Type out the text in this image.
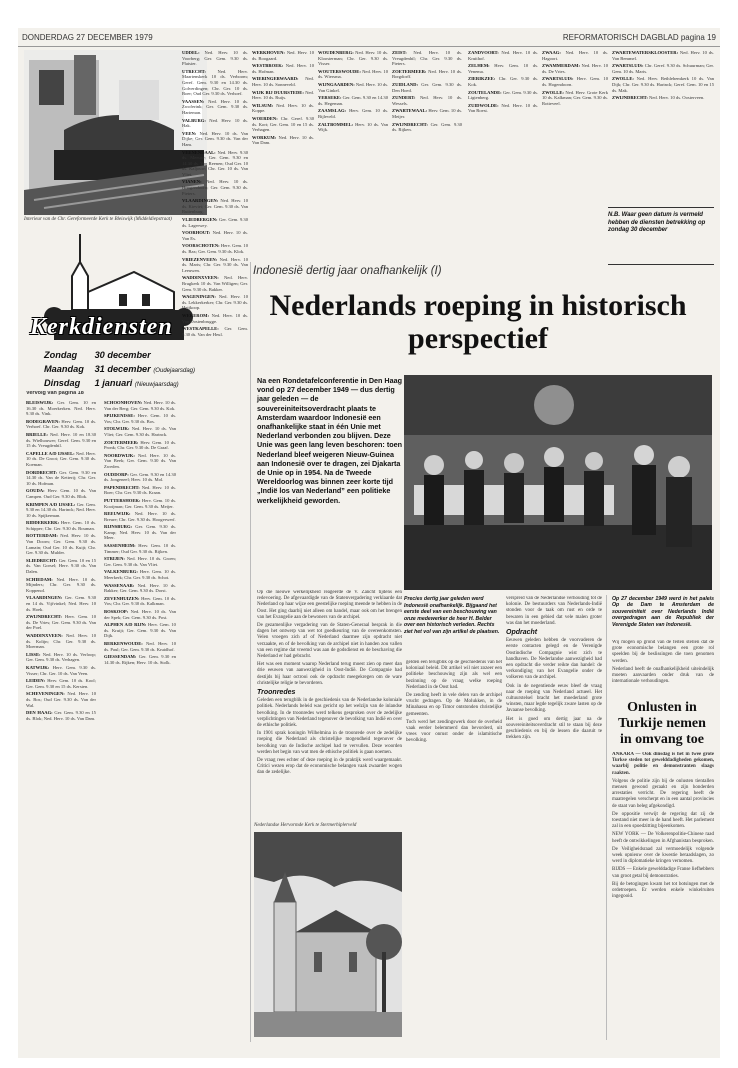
DONDERDAG 27 DECEMBER 1979	REFORMATORISCH DAGBLAD pagina 19
Interieur van de Chr. Gereformeerde Kerk te Bleiswijk (Middeldiepstraat)
Kerkdiensten
Zondag 30 december
Maandag 31 december (Oudejaarsdag)
Dinsdag 1 januari (Nieuwjaarsdag)
Vervolg van pagina 18

BLEISWIJK: Ger. Gem. 10 en 16.30 ds. Moerkerken. Ned. Herv. 9.30 ds. Vink.

BODEGRAVEN: Herv. Gem. 10 ds. Verhoef. Chr. Ger. 9.30 ds. Kok.

BRIELLE: Ned. Herv. 10 en 18.30 ds. Wielhouwer; Geref. Gem. 9.30 en 15 ds. Vreugdenhil.

CAPELLE A/D IJSSEL: Ned. Herv. 10 ds. De Groot; Ger. Gem. 9.30 ds. Koeman.

DORDRECHT: Ger. Gem. 9.30 en 14.30 ds. Van de Ketterij; Chr. Ger. 10 ds. Hofman.

GOUDA: Herv. Gem. 10 ds. Van Campen. Oud Ger. 9.30 ds. Blok.

KRIMPEN A/D IJSSEL: Ger. Gem. 9.30 en 14.30 ds. Harinck; Ned. Herv. 10 ds. Spijkerman.

RIDDERKERK: Herv. Gem. 10 ds. Schipper; Chr. Ger. 9.30 ds. Bouman.

ROTTERDAM: Ned. Herv. 10 ds. Van Doorn; Ger. Gem. 9.30 ds. Lamain; Oud Ger. 10 ds. Kuijt; Chr. Ger. 9.30 ds. Mulder.

SLIEDRECHT: Ger. Gem. 10 en 15 ds. Van Gorsel; Herv. 9.30 ds. Van Dalen.

SCHIEDAM: Ned. Herv. 10 ds. Mijnders; Chr. Ger. 9.30 ds. Koppenol.

VLAARDINGEN: Ger. Gem. 9.30 en 14 ds. Vijfvinkel; Ned. Herv. 10 ds. Hoek.

ZWIJNDRECHT: Herv. Gem. 10 ds. De Vries; Ger. Gem. 9.30 ds. Van der Poel.

WADDINXVEEN: Ned. Herv. 10 ds. Kolijn; Chr. Ger. 9.30 ds. Moerman.

LISSE: Ned. Herv. 10 ds. Verloop; Ger. Gem. 9.30 ds. Verhagen.

KATWIJK: Herv. Gem. 9.30 ds. Visser; Chr. Ger. 10 ds. Van Veen.

LEIDEN: Herv. Gem. 10 ds. Kool; Ger. Gem. 9.30 en 15 ds. Kersten.

SCHEVENINGEN: Ned. Herv. 10 ds. Bos; Oud Ger. 9.30 ds. Van der Wal.

DEN HAAG: Ger. Gem. 9.30 en 15 ds. Blok; Ned. Herv. 10 ds. Van Dam.

SCHOONHOVEN: Ned. Herv. 10 ds. Van der Berg; Ger. Gem. 9.30 ds. Kok.

SPIJKENISSE: Herv. Gem. 10 ds. Vos; Chr. Ger. 9.30 ds. Bos.

STOLWIJK: Ned. Herv. 10 ds. Van Vliet; Ger. Gem. 9.30 ds. Harinck.

ZOETERMEER: Herv. Gem. 10 ds. Pronk; Chr. Ger. 9.30 ds. De Graaf.

NOORDWIJK: Ned. Herv. 10 ds. Van Beek; Ger. Gem. 9.30 ds. Van Zweden.

OUDDORP: Ger. Gem. 9.30 en 14.30 ds. Jongeneel; Herv. 10 ds. Mol.

PAPENDRECHT: Ned. Herv. 10 ds. Boer; Chr. Ger. 9.30 ds. Kraan.

PUTTERSHOEK: Herv. Gem. 10 ds. Kooijman; Ger. Gem. 9.30 ds. Meijer.

REEUWIJK: Ned. Herv. 10 ds. Breure; Chr. Ger. 9.30 ds. Hoogerwerf.

RIJNSBURG: Ger. Gem. 9.30 ds. Kamp; Ned. Herv. 10 ds. Van der Meer.

SASSENHEIM: Herv. Gem. 10 ds. Timmer; Oud Ger. 9.30 ds. Rijken.

STRIJEN: Ned. Herv. 10 ds. Groen; Ger. Gem. 9.30 ds. Van Vliet.

VALKENBURG: Herv. Gem. 10 ds. Meerkerk; Chr. Ger. 9.30 ds. Schot.

WASSENAAR: Ned. Herv. 10 ds. Bakker; Ger. Gem. 9.30 ds. Dorst.

ZEVENHUIZEN: Herv. Gem. 10 ds. Vos; Chr. Ger. 9.30 ds. Kalkman.

BOSKOOP: Ned. Herv. 10 ds. Van der Spek; Ger. Gem. 9.30 ds. Post.

ALPHEN A/D RIJN: Herv. Gem. 10 ds. Kruijt; Ger. Gem. 9.30 ds. Van Dijk.

BERKENWOUDE: Ned. Herv. 10 ds. Paul; Ger. Gem. 9.30 ds. Kruidhof.

GIESSENDAM: Ger. Gem. 9.30 en 14.30 ds. Rijken; Herv. 10 ds. Stolk.

UDDEL: Ned. Herv. 10 ds. Voorberg; Ger. Gem. 9.30 ds. Plaisier.

UTRECHT: Ned. Herv. Maartenskerk 10 ds. Verboom; Geref. Gem. 9.30 en 14.30 ds. Golverdingen; Chr. Ger. 10 ds. Boer; Oud Ger. 9.30 ds. Verhoef.

VAASSEN: Ned. Herv. 10 ds. Zwoferink; Ger. Gem. 9.30 ds. Harteman.

VALBURG: Ned. Herv. 10 ds. Hak.

VEEN: Ned. Herv. 10 ds. Van Dijke; Ger. Gem. 9.30 ds. Van der Ham.

VEENENDAAL: Ned. Herv. 9.30 ds. Meeuse; Ger. Gem. 9.30 en 14.30 ds. Van Reenen; Oud Ger. 10 ds. Kaljouw; Chr. Ger. 10 ds. Van Vliet.

VIANEN: Ned. Herv. 10 ds. Hoogendoorn; Ger. Gem. 9.30 ds. Pieters.

VLAARDINGEN: Ned. Herv. 10 ds. Kieviet; Ger. Gem. 9.30 ds. Van Ruitenburg.

VLIEDBERGEN: Ger. Gem. 9.30 ds. Lagerwey.

VOORHOUT: Ned. Herv. 10 ds. Van Es.

VOORSCHOTEN: Herv. Gem. 10 ds. Bax; Ger. Gem. 9.30 ds. Klok.

VRIEZENVEEN: Ned. Herv. 10 ds. Maris; Chr. Ger. 9.30 ds. Van Leeuwen.

WADDINXVEEN: Ned. Herv. Brugkerk 10 ds. Van Willigen; Ger. Gem. 9.30 ds. Bakker.

WAGENINGEN: Ned. Herv. 10 ds. Lekkerkerker; Chr. Ger. 9.30 ds. Heijkoop.

WEKEROM: Ned. Herv. 10 ds. Van Oostenbrugge.

WESTKAPELLE: Ger. Gem. 9.30 ds. Van der Heul.

WERKHOVEN: Ned. Herv. 10 ds. Boogaard.

WESTBROEK: Ned. Herv. 10 ds. Hofman.

WIERINGERWAARD: Ned. Herv. 10 ds. Sonneveld.

WIJK BIJ DUURSTEDE: Ned. Herv. 10 ds. Ruijs.

WILSUM: Ned. Herv. 10 ds. Koppe.

WOERDEN: Chr. Geref. 9.30 ds. Kort; Ger. Gem. 10 en 15 ds. Verhagen.

WORKUM: Ned. Herv. 10 ds. Van Dam.

WOUDENBERG: Ned. Herv. 10 ds. Kloosterman; Chr. Ger. 9.30 ds. Visser.

WOUTERSWOUDE: Ned. Herv. 10 ds. Wiersma.

WIJNGAARDEN: Ned. Herv. 10 ds. Van Ginkel.

YERSEKE: Ger. Gem. 9.30 en 14.30 ds. Hegeman.

ZAAMSLAG: Herv. Gem. 10 ds. Bijleveld.

ZALTBOMMEL: Herv. 10 ds. Van Wijk.

ZEIST: Ned. Herv. 10 ds. Vreugdenhil; Chr. Ger. 9.30 ds. Pieters.

ZOETERMEER: Ned. Herv. 10 ds. Borgdorff.

ZUIDLAND: Ger. Gem. 9.30 ds. Den Hoed.

ZUNDERT: Ned. Herv. 10 ds. Wessels.

ZWARTEWAAL: Herv. Gem. 10 ds. Meijer.

ZWIJNDRECHT: Ger. Gem. 9.30 ds. Rijken.

ZANDVOORT: Ned. Herv. 10 ds. Kruithof.

ZELHEM: Herv. Gem. 10 ds. Venema.

ZIERIKZEE: Chr. Ger. 9.30 ds. Kok.

ZOUTELANDE: Ger. Gem. 9.30 ds. Ligtenberg.

ZUIDWOLDE: Ned. Herv. 10 ds. Van Roest.

ZWAAG: Ned. Herv. 10 ds. Hagoort.

ZWAMMERDAM: Ned. Herv. 10 ds. De Vries.

ZWARTSLUIS: Herv. Gem. 10 ds. Hogendoorn.

ZWOLLE: Ned. Herv. Grote Kerk 10 ds. Kalkman; Ger. Gem. 9.30 ds. Rotteveel.

ZWARTEWATERSKLOOSTER: Ned. Herv. 10 ds. Van Bemmel.

ZWARTSLUIS: Chr. Geref. 9.30 ds. Schuurman; Ger. Gem. 10 ds. Maris.

ZWOLLE: Ned. Herv. Bethlehemkerk 10 ds. Van Dijk; Chr. Ger. 9.30 ds. Harinck; Geref. Gem. 10 en 15 ds. Mak.

ZWIJNDRECHT: Ned. Herv. 10 ds. Oosterveen.

N.B. Waar geen datum is vermeld hebben de diensten betrekking op zondag 30 december
Indonesië dertig jaar onafhankelijk (I)
Nederlands roeping in historisch perspectief
Na een Rondetafelconferentie in Den Haag vond op 27 december 1949 — dus dertig jaar geleden — de souvereiniteitsoverdracht plaats te Amsterdam waardoor Indonesië een onafhankelijke staat in één Unie met Nederland verbonden zou blijven. Deze Unie was geen lang leven beschoren: toen Nederland bleef weigeren Nieuw-Guinea aan Indonesië over te dragen, zei Djakarta de Unie op in 1954. Na de Tweede Wereldoorlog was binnen zeer korte tijd „Indië los van Nederland” een politieke werkelijkheid geworden.
Precies dertig jaar geleden werd Indonesië onafhankelijk. Bijgaand het eerste deel van een beschouwing van onze medewerker de heer H. Belder over een historisch verleden. Rechts ziet het vol van zijn artikel de plaatsen.

Op die nieuwe werkelijkheid reageerde de V. Zancht tijdens een redevoering. De afgevaardigde van de Statenvergadering verklaarde dat Nederland op haar wijze een geestelijke roeping meende te hebben in de Oost. Het ging daarbij niet alleen om handel, maar ook om het brengen van het Evangelie aan de bewoners van de archipel.

De gezamenlijke vergadering van de Staten-Generaal besprak in die dagen het ontwerp van wet tot goedkeuring van de overeenkomsten. Velen vroegen zich af of Nederland daarmee zijn opdracht niet verzaakte, en of de bevolking van de archipel niet in handen zou vallen van een regime dat vreemd was aan de godsdienst en de beschaving die Nederland er had gebracht.

Het was een moment waarop Nederland terug moest zien op meer dan drie eeuwen van aanwezigheid in Oost-Indië. De Compagnie had destijds bij haar octrooi ook de opdracht meegekregen om de ware christelijke religie te bevorderen.

Troonredes

Geleden een terugblik in de geschiedenis van de Nederlandse koloniale politiek. Nederlands beleid was gericht op het welzijn van de inlandse bevolking. In de troonredes werd telkens gesproken over de zedelijke verplichtingen van Nederland tegenover de bevolking van Indië en over de ethische politiek.

In 1901 sprak koningin Wilhelmina in de troonrede over de zedelijke roeping die Nederland als christelijke mogendheid tegenover de bevolking van de Indische archipel had te vervullen. Deze woorden werden het begin van wat men de ethische politiek is gaan noemen.

De vraag rees echter of deze roeping in de praktijk werd waargemaakt. Critici wezen erop dat de economische belangen vaak zwaarder wogen dan de zedelijke.

gelden een terugblik op de geschiedenis van het koloniaal beleid. Dit artikel wil niet zozeer een politieke beschouwing zijn als wel een bezinning op de vraag welke roeping Nederland in de Oost had.

De zending heeft in vele delen van de archipel vrucht gedragen. Op de Molukken, in de Minahassa en op Timor ontstonden christelijke gemeenten.

Toch werd het zendingswerk door de overheid vaak eerder belemmerd dan bevorderd, uit vrees voor onrust onder de islamitische bevolking.

verspreid van de Nederlandse verhouding tot de kolonie. De bestuurders van Nederlands-Indië stonden voor de taak om rust en orde te bewaren in een gebied dat vele malen groter was dan het moederland.

Opdracht

Eeuwen geleden hebben de voorvaderen de eerste contacten gelegd en de Verenigde Oostindische Compagnie wist zich te handhaven. De Nederlandse aanwezigheid had een opdracht die verder reikte dan handel: de verkondiging van het Evangelie onder de volkeren van de archipel.

Ook in de negentiende eeuw bleef de vraag naar de roeping van Nederland actueel. Het cultuurstelsel bracht het moederland grote winsten, maar legde tegelijk zware lasten op de Javaanse bevolking.

Het is goed om dertig jaar na de souvereiniteitsoverdracht stil te staan bij deze geschiedenis en bij de lessen die daaruit te trekken zijn.

Nederlandse Hervormde Kerk te Stermerhiplerveld
Op 27 december 1949 werd in het paleis Op de Dam te Amsterdam de souvereiniteit over Nederlands Indië overgedragen aan de Republiek der Verenigde Staten van Indonesië.

Wij mogen op grond van de feiten stellen dat de grote economische belangen een grote rol speelden bij de beslissingen die toen genomen werden.

Nederland heeft de onafhankelijkheid uiteindelijk moeten aanvaarden onder druk van de internationale verhoudingen.

Onlusten in Turkije nemen in omvang toe

ANKARA — Ook dinsdag is het in twee grote Turkse steden tot gewelddadigheden gekomen, waarbij politie en demonstranten slaags raakten.

Volgens de politie zijn bij de onlusten tientallen mensen gewond geraakt en zijn honderden arrestaties verricht. De regering heeft de maatregelen verscherpt en in een aantal provincies de staat van beleg afgekondigd.

De oppositie verwijt de regering dat zij de toestand niet meer in de hand heeft. Het parlement zal in een spoedzitting bijeenkomen.

NEW YORK — De Volkerenpolitie-Chinese raad heeft de ontwikkelingen in Afghanistan besproken.

De Veiligheidsraad zal vermoedelijk volgende week opnieuw over de kwestie beraadslagen, zo werd in diplomatieke kringen vernomen.

BIJDS — Enkele gewelddadige Franse liefhebbers van groot getal bij demonstraties.

Bij de betogingen kwam het tot botsingen met de ordetroepen. Er werden enkele winkelruiten ingegooid.
